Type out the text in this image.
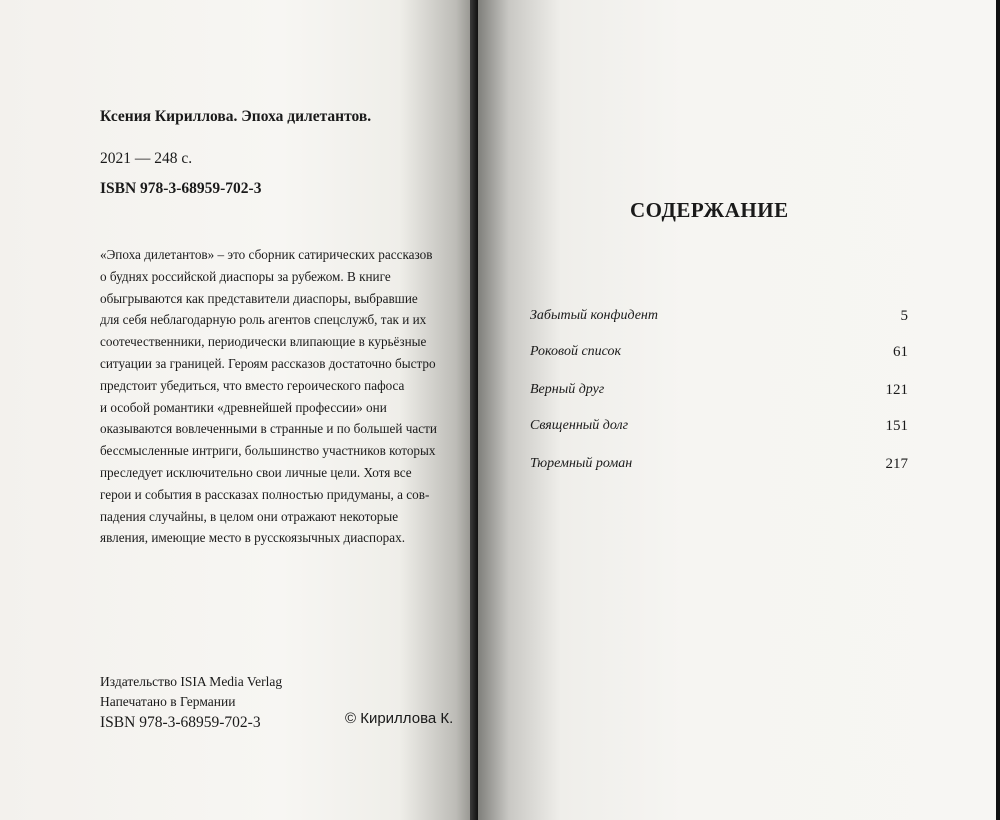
Ксения Кириллова. Эпоха дилетантов.
2021 — 248 с.
ISBN 978-3-68959-702-3
«Эпоха дилетантов» – это сборник сатирических рассказов
о буднях российской диаспоры за рубежом. В книге
обыгрываются как представители диаспоры, выбравшие
для себя неблагодарную роль агентов спецслужб, так и их
соотечественники, периодически влипающие в курьёзные
ситуации за границей. Героям рассказов достаточно быстро
предстоит убедиться, что вместо героического пафоса
и особой романтики «древнейшей профессии» они
оказываются вовлеченными в странные и по большей части
бессмысленные интриги, большинство участников которых
преследует исключительно свои личные цели. Хотя все
герои и события в рассказах полностью придуманы, а сов-
падения случайны, в целом они отражают некоторые
явления, имеющие место в русскоязычных диаспорах.
Издательство ISIA Media Verlag
Напечатано в Германии
ISBN 978-3-68959-702-3	© Кириллова К.
СОДЕРЖАНИЕ
Забытый конфидент	5
Роковой список	61
Верный друг	121
Священный долг	151
Тюремный роман	217
